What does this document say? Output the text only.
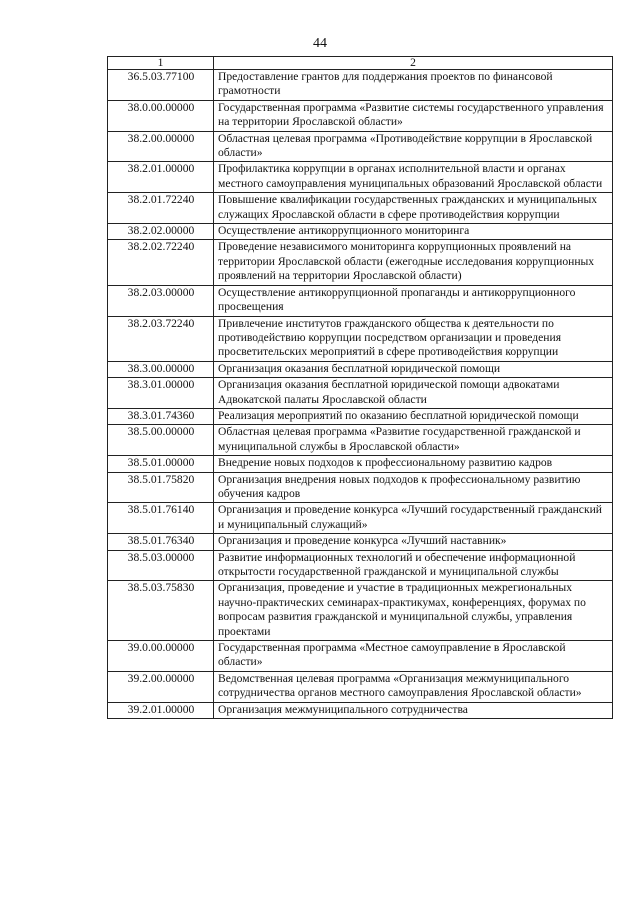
44
1	2
36.5.03.77100	Предоставление грантов для поддержания проектов по финансовой грамотности
38.0.00.00000	Государственная программа «Развитие системы государственного управления на территории Ярославской области»
38.2.00.00000	Областная целевая программа «Противодействие коррупции в Ярославской области»
38.2.01.00000	Профилактика коррупции в органах исполнительной власти и органах местного самоуправления муниципальных образований Ярославской области
38.2.01.72240	Повышение квалификации государственных гражданских и муниципальных служащих Ярославской области в сфере противодействия коррупции
38.2.02.00000	Осуществление антикоррупционного мониторинга
38.2.02.72240	Проведение независимого мониторинга коррупционных проявлений на территории Ярославской области (ежегодные исследования коррупционных проявлений на территории Ярославской области)
38.2.03.00000	Осуществление антикоррупционной пропаганды и антикоррупционного просвещения
38.2.03.72240	Привлечение институтов гражданского общества к деятельности по противодействию коррупции посредством организации и проведения просветительских мероприятий в сфере противодействия коррупции
38.3.00.00000	Организация оказания бесплатной юридической помощи
38.3.01.00000	Организация оказания бесплатной юридической помощи адвокатами Адвокатской палаты Ярославской области
38.3.01.74360	Реализация мероприятий по оказанию бесплатной юридической помощи
38.5.00.00000	Областная целевая программа «Развитие государственной гражданской и муниципальной службы в Ярославской области»
38.5.01.00000	Внедрение новых подходов к профессиональному развитию кадров
38.5.01.75820	Организация внедрения новых подходов к профессиональному развитию обучения кадров
38.5.01.76140	Организация и проведение конкурса «Лучший государственный гражданский и муниципальный служащий»
38.5.01.76340	Организация и проведение конкурса «Лучший наставник»
38.5.03.00000	Развитие информационных технологий и обеспечение информационной открытости государственной гражданской и муниципальной службы
38.5.03.75830	Организация, проведение и участие в традиционных межрегиональных научно-практических семинарах-практикумах, конференциях, форумах по вопросам развития гражданской и муниципальной службы, управления проектами
39.0.00.00000	Государственная программа «Местное самоуправление в Ярославской области»
39.2.00.00000	Ведомственная целевая программа «Организация межмуниципального сотрудничества органов местного самоуправления Ярославской области»
39.2.01.00000	Организация межмуниципального сотрудничества
